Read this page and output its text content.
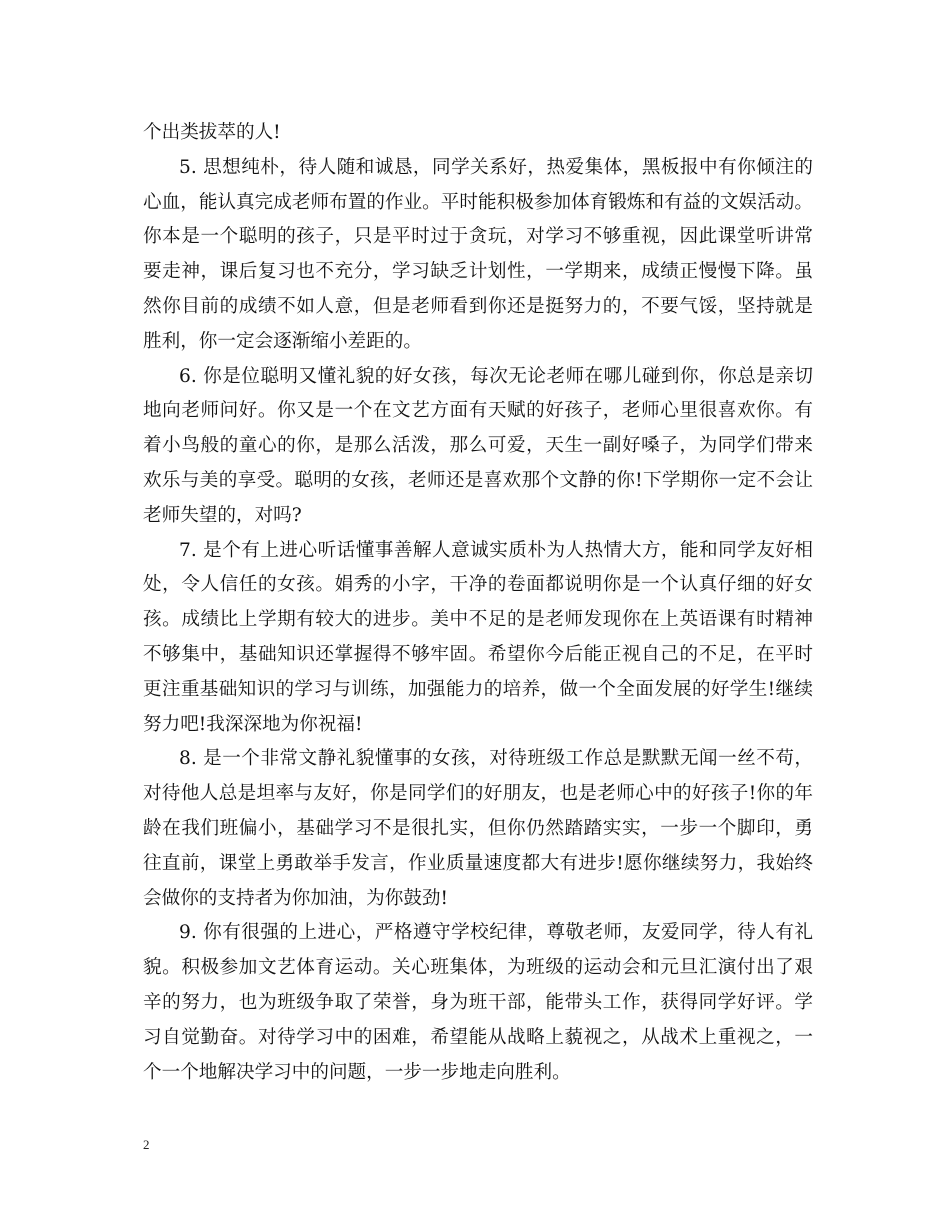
个出类拔萃的人!
5. 思想纯朴，待人随和诚恳，同学关系好，热爱集体，黑板报中有你倾注的
心血，能认真完成老师布置的作业。平时能积极参加体育锻炼和有益的文娱活动。
你本是一个聪明的孩子，只是平时过于贪玩，对学习不够重视，因此课堂听讲常
要走神，课后复习也不充分，学习缺乏计划性，一学期来，成绩正慢慢下降。虽
然你目前的成绩不如人意，但是老师看到你还是挺努力的，不要气馁，坚持就是
胜利，你一定会逐渐缩小差距的。
6. 你是位聪明又懂礼貌的好女孩，每次无论老师在哪儿碰到你，你总是亲切
地向老师问好。你又是一个在文艺方面有天赋的好孩子，老师心里很喜欢你。有
着小鸟般的童心的你，是那么活泼，那么可爱，天生一副好嗓子，为同学们带来
欢乐与美的享受。聪明的女孩，老师还是喜欢那个文静的你!下学期你一定不会让
老师失望的，对吗?
7. 是个有上进心听话懂事善解人意诚实质朴为人热情大方，能和同学友好相
处，令人信任的女孩。娟秀的小字，干净的卷面都说明你是一个认真仔细的好女
孩。成绩比上学期有较大的进步。美中不足的是老师发现你在上英语课有时精神
不够集中，基础知识还掌握得不够牢固。希望你今后能正视自己的不足，在平时
更注重基础知识的学习与训练，加强能力的培养，做一个全面发展的好学生!继续
努力吧!我深深地为你祝福!
8. 是一个非常文静礼貌懂事的女孩，对待班级工作总是默默无闻一丝不苟，
对待他人总是坦率与友好，你是同学们的好朋友，也是老师心中的好孩子!你的年
龄在我们班偏小，基础学习不是很扎实，但你仍然踏踏实实，一步一个脚印，勇
往直前，课堂上勇敢举手发言，作业质量速度都大有进步!愿你继续努力，我始终
会做你的支持者为你加油，为你鼓劲!
9. 你有很强的上进心，严格遵守学校纪律，尊敬老师，友爱同学，待人有礼
貌。积极参加文艺体育运动。关心班集体，为班级的运动会和元旦汇演付出了艰
辛的努力，也为班级争取了荣誉，身为班干部，能带头工作，获得同学好评。学
习自觉勤奋。对待学习中的困难，希望能从战略上藐视之，从战术上重视之，一
个一个地解决学习中的问题，一步一步地走向胜利。
2
